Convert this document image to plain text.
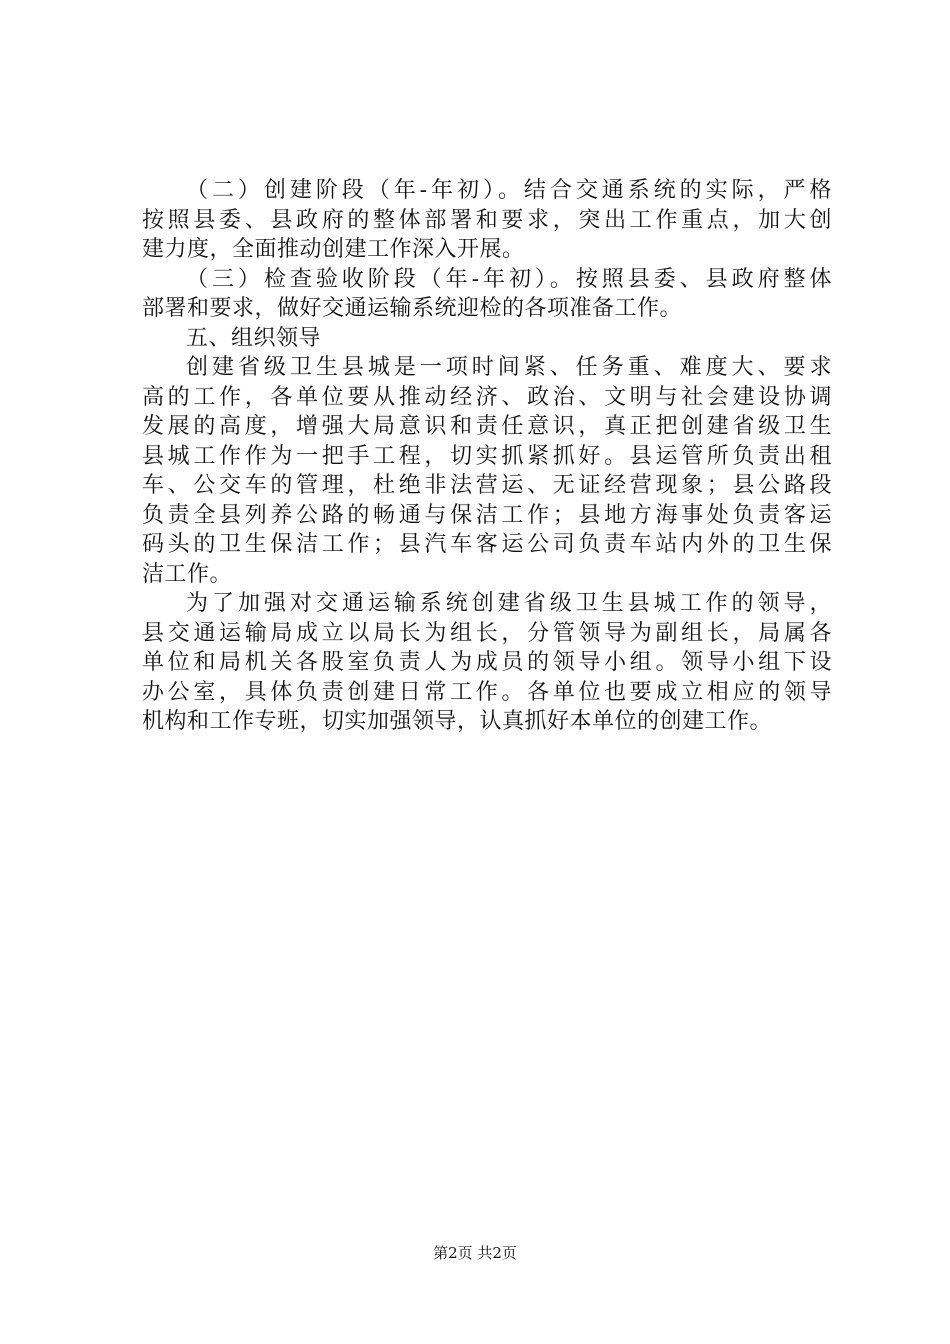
（二）创建阶段（年-年初）。结合交通系统的实际，严格
按照县委、县政府的整体部署和要求，突出工作重点，加大创
建力度，全面推动创建工作深入开展。
（三）检查验收阶段（年-年初）。按照县委、县政府整体
部署和要求，做好交通运输系统迎检的各项准备工作。
五、组织领导
创建省级卫生县城是一项时间紧、任务重、难度大、要求
高的工作，各单位要从推动经济、政治、文明与社会建设协调
发展的高度，增强大局意识和责任意识，真正把创建省级卫生
县城工作作为一把手工程，切实抓紧抓好。县运管所负责出租
车、公交车的管理，杜绝非法营运、无证经营现象；县公路段
负责全县列养公路的畅通与保洁工作；县地方海事处负责客运
码头的卫生保洁工作；县汽车客运公司负责车站内外的卫生保
洁工作。
为了加强对交通运输系统创建省级卫生县城工作的领导，
县交通运输局成立以局长为组长，分管领导为副组长，局属各
单位和局机关各股室负责人为成员的领导小组。领导小组下设
办公室，具体负责创建日常工作。各单位也要成立相应的领导
机构和工作专班，切实加强领导，认真抓好本单位的创建工作。
第2页 共2页
